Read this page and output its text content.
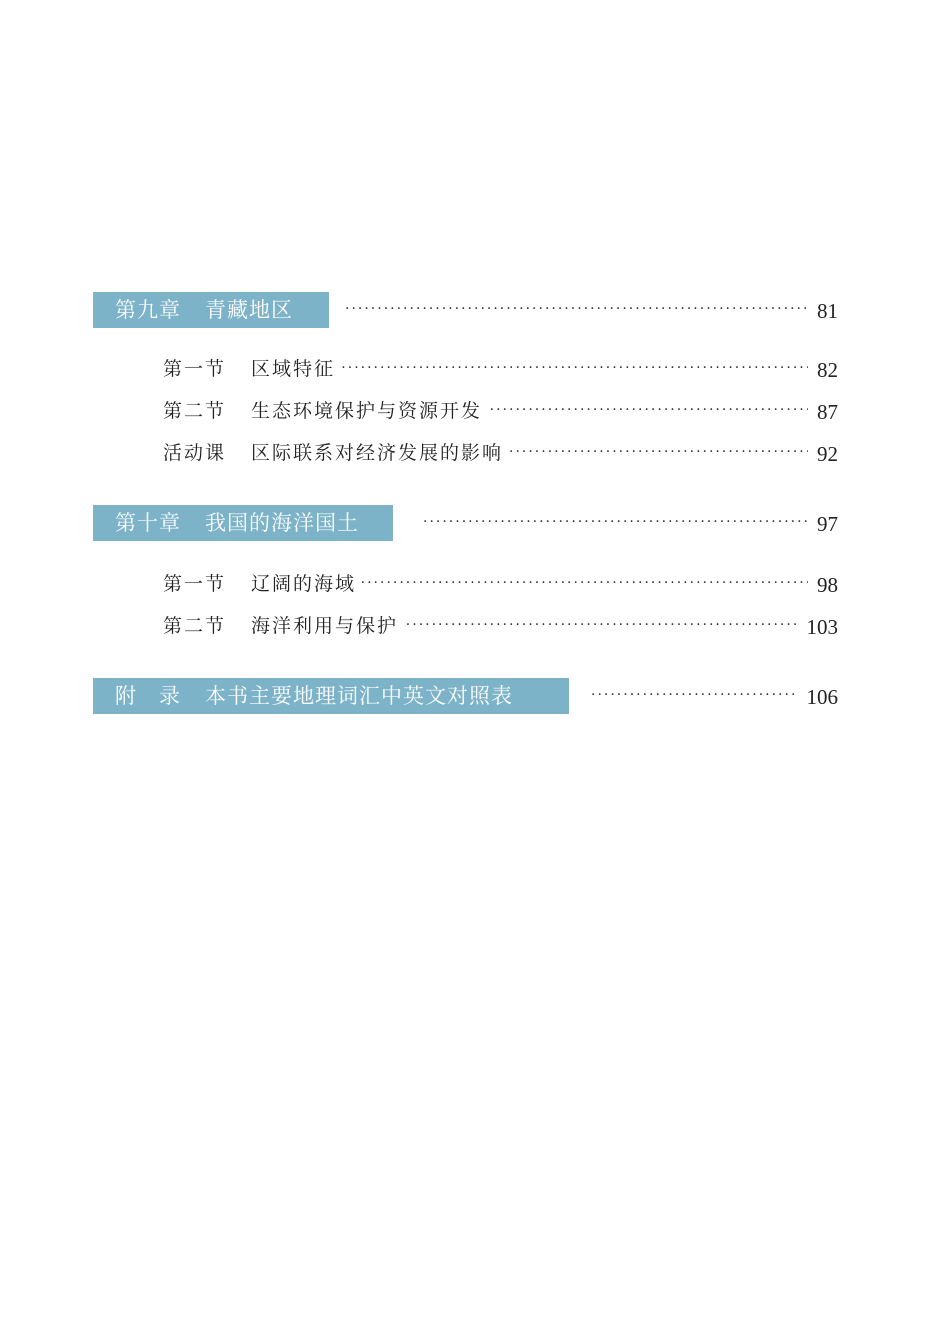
第九章 青藏地区 ·····	81
第一节 区域特征 ·····	82
第二节 生态环境保护与资源开发 ·····	87
活动课 区际联系对经济发展的影响 ·····	92
第十章 我国的海洋国土 ·····	97
第一节 辽阔的海域 ·····	98
第二节 海洋利用与保护 ·····	103
附　录 本书主要地理词汇中英文对照表 ·····	106
